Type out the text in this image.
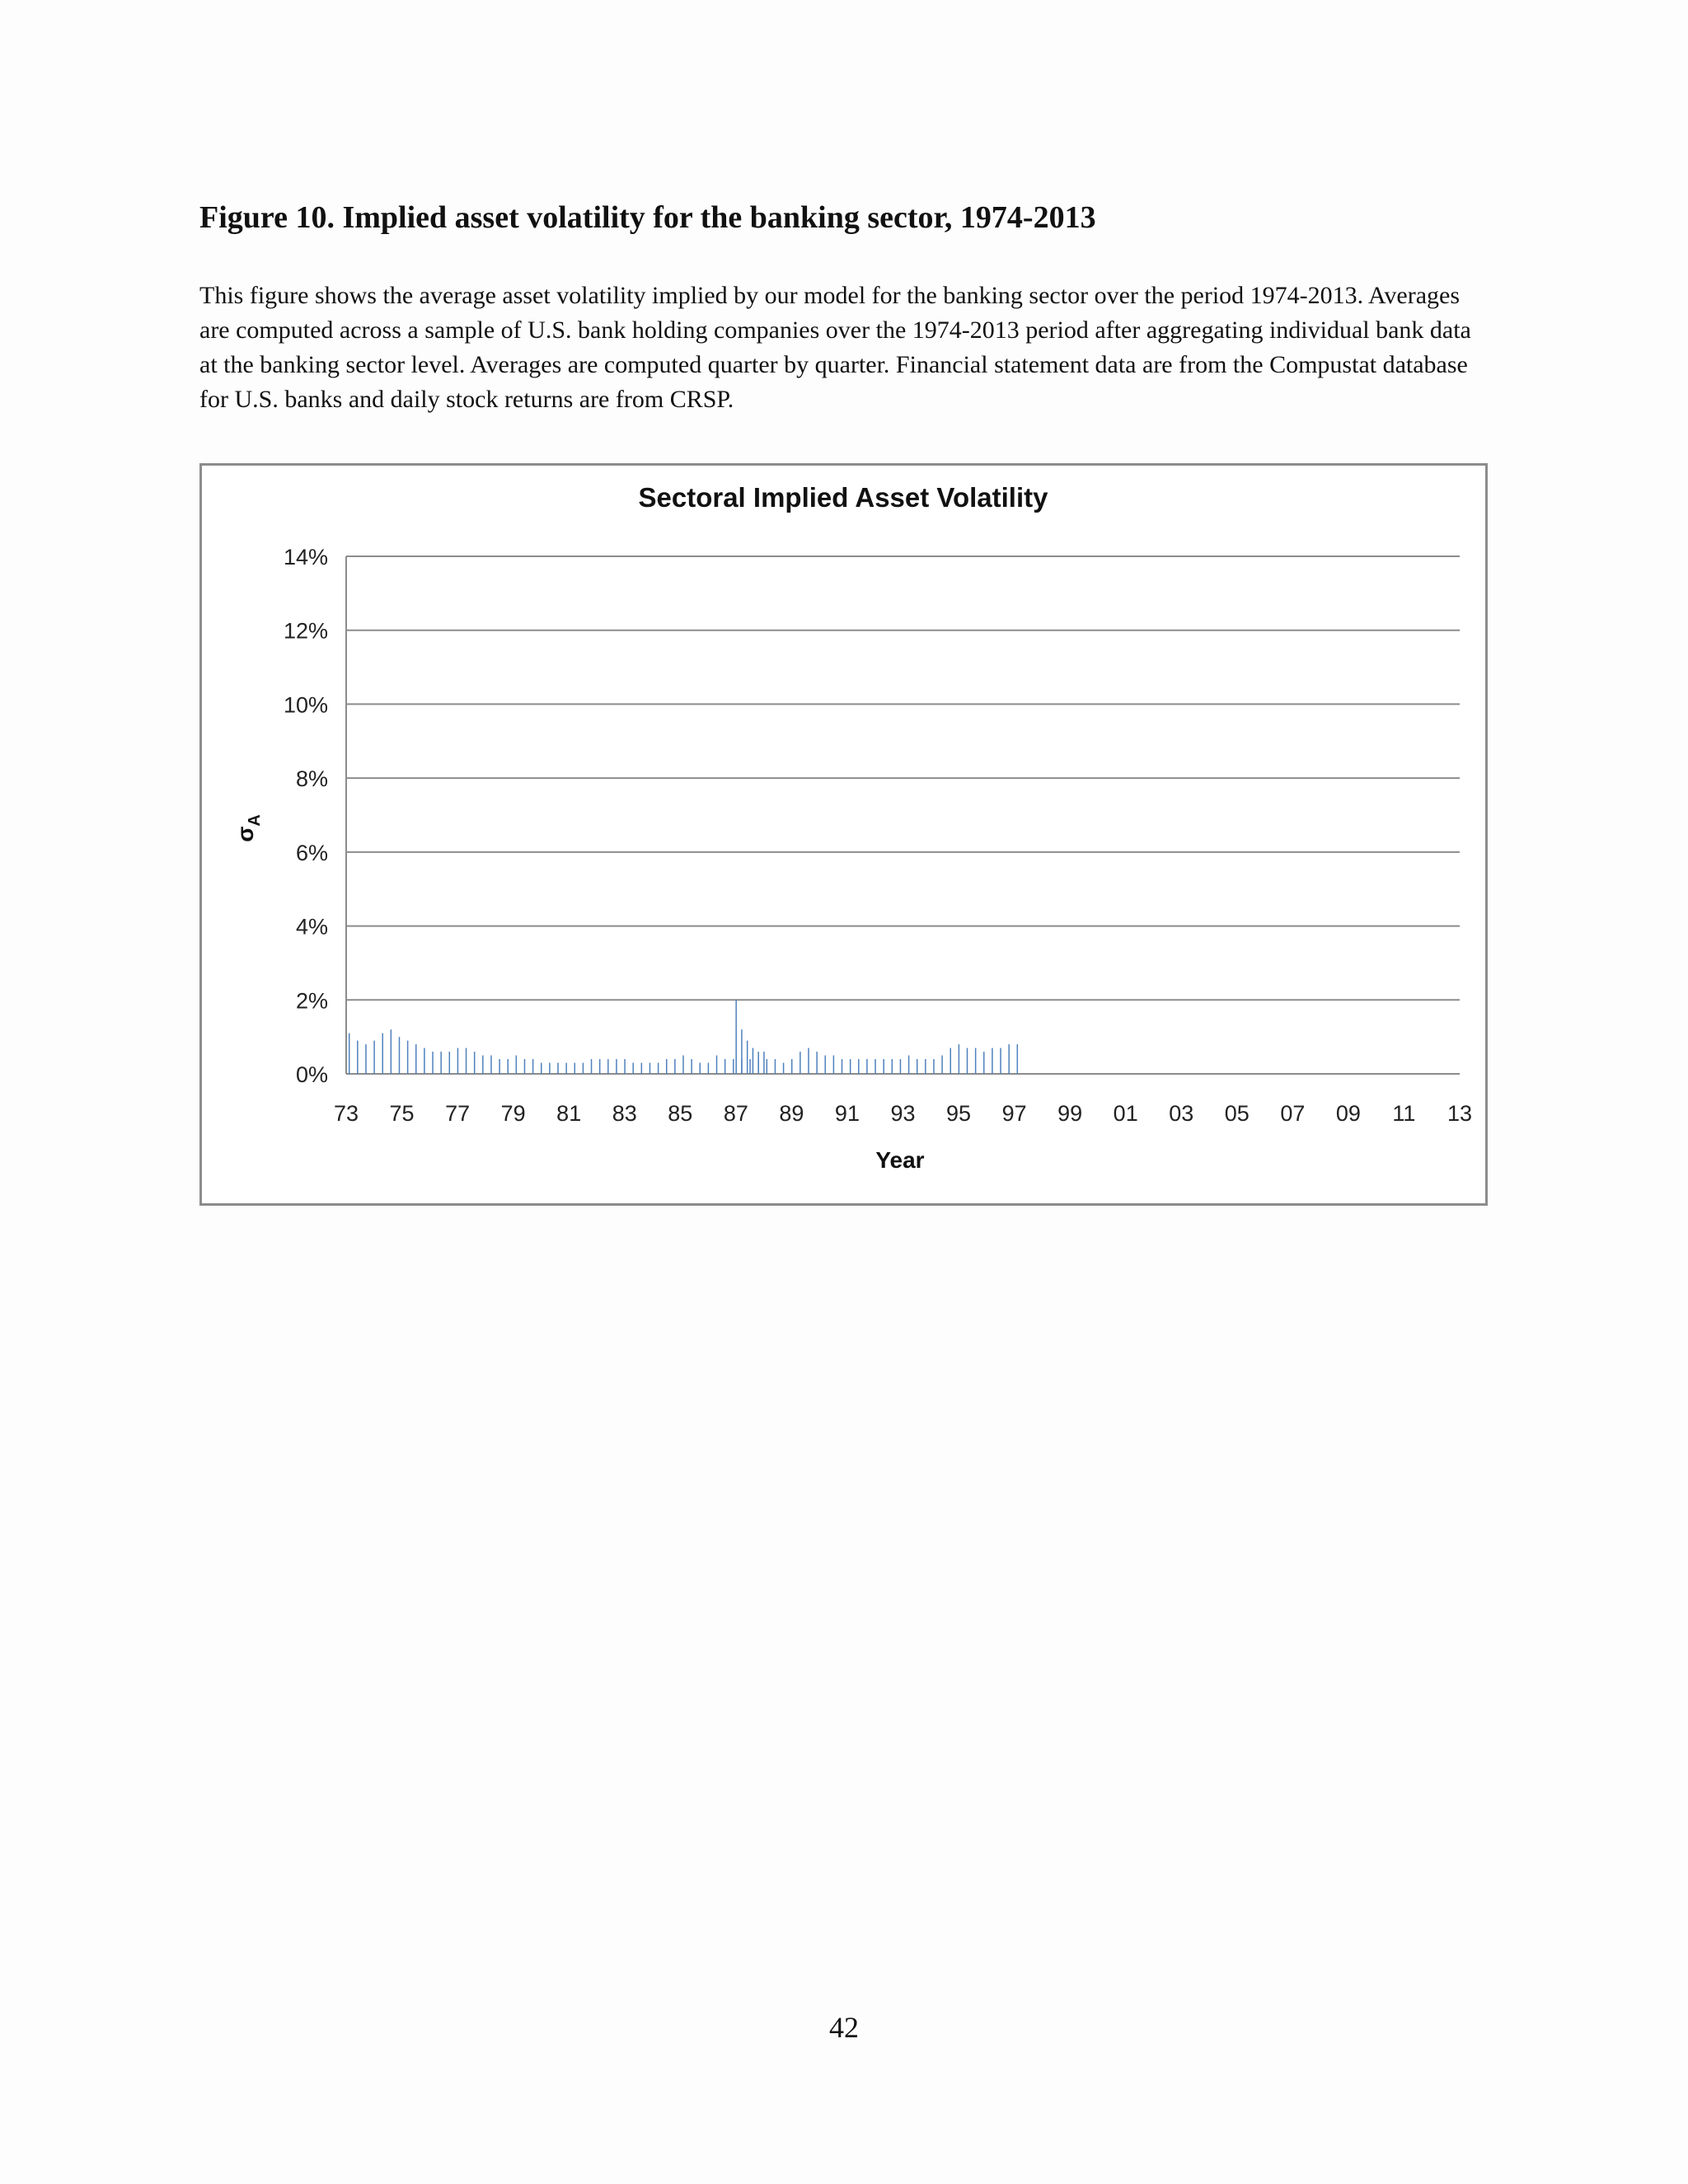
Figure 10. Implied asset volatility for the banking sector, 1974-2013
This figure shows the average asset volatility implied by our model for the banking sector over the period 1974-2013. Averages are computed across a sample of U.S. bank holding companies over the 1974-2013 period after aggregating individual bank data at the banking sector level. Averages are computed quarter by quarter. Financial statement data are from the Compustat database for U.S. banks and daily stock returns are from CRSP.
Sectoral Implied Asset Volatility
0%
2%
4%
6%
8%
10%
12%
14%
73 75 77 79 81 83 85 87 89 91 93 95 97 99 01 03 05 07 09 11 13
Year
$\sigma_A$
42
